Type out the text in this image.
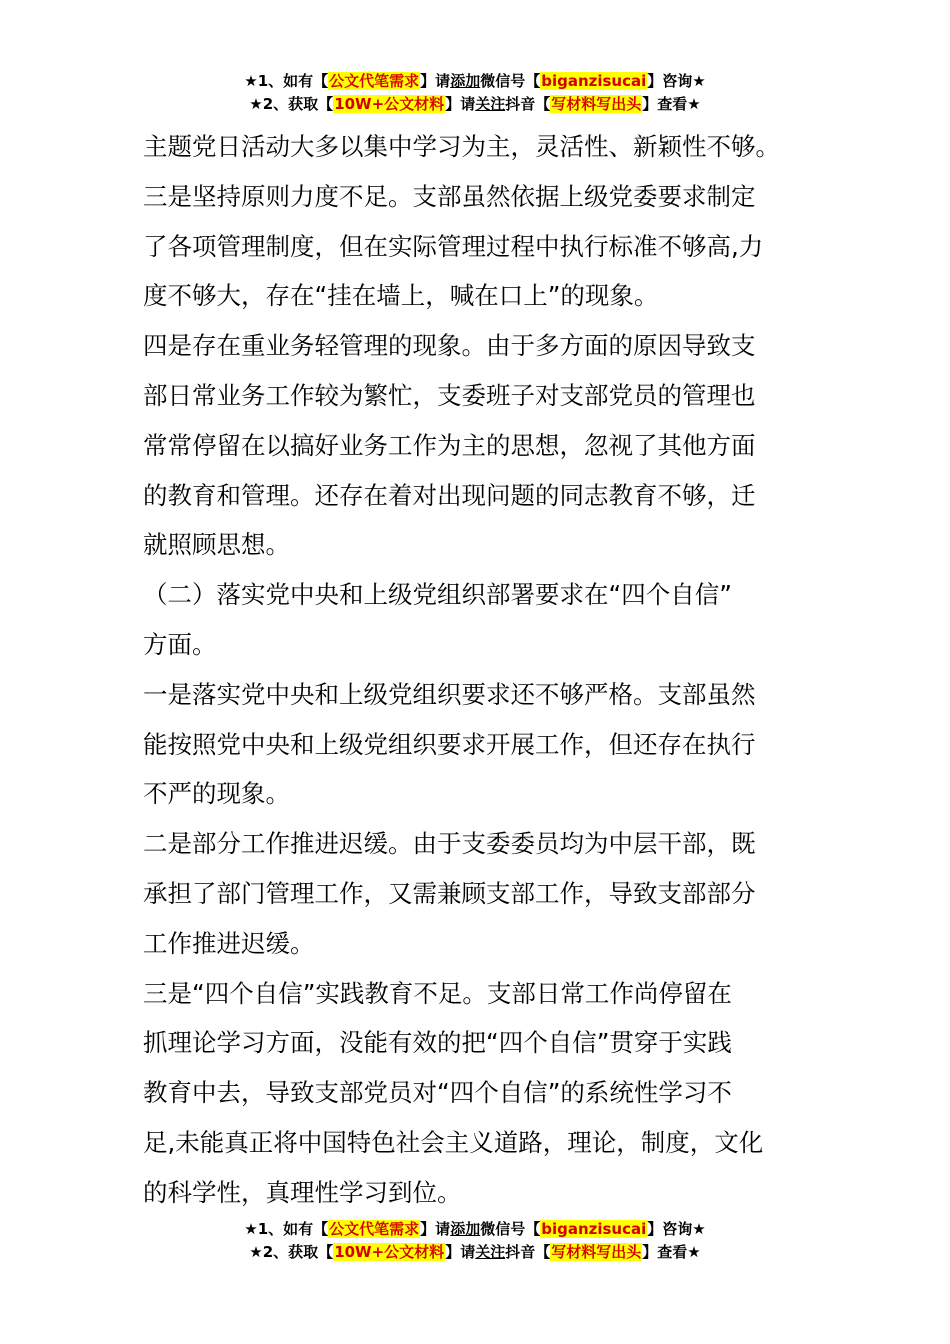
★1、如有【公文代笔需求】请添加微信号【biganzisucai】咨询★
★2、获取【10W+公文材料】请关注抖音【写材料写出头】查看★
主题党日活动大多以集中学习为主，灵活性、新颖性不够。
三是坚持原则力度不足。支部虽然依据上级党委要求制定
了各项管理制度，但在实际管理过程中执行标准不够高,力
度不够大，存在“挂在墙上，喊在口上”的现象。
四是存在重业务轻管理的现象。由于多方面的原因导致支
部日常业务工作较为繁忙，支委班子对支部党员的管理也
常常停留在以搞好业务工作为主的思想，忽视了其他方面
的教育和管理。还存在着对出现问题的同志教育不够，迁
就照顾思想。
（二）落实党中央和上级党组织部署要求在“四个自信”
方面。
一是落实党中央和上级党组织要求还不够严格。支部虽然
能按照党中央和上级党组织要求开展工作，但还存在执行
不严的现象。
二是部分工作推进迟缓。由于支委委员均为中层干部，既
承担了部门管理工作，又需兼顾支部工作，导致支部部分
工作推进迟缓。
三是“四个自信”实践教育不足。支部日常工作尚停留在
抓理论学习方面，没能有效的把“四个自信”贯穿于实践
教育中去，导致支部党员对“四个自信”的系统性学习不
足,未能真正将中国特色社会主义道路，理论，制度，文化
的科学性，真理性学习到位。
★1、如有【公文代笔需求】请添加微信号【biganzisucai】咨询★
★2、获取【10W+公文材料】请关注抖音【写材料写出头】查看★
